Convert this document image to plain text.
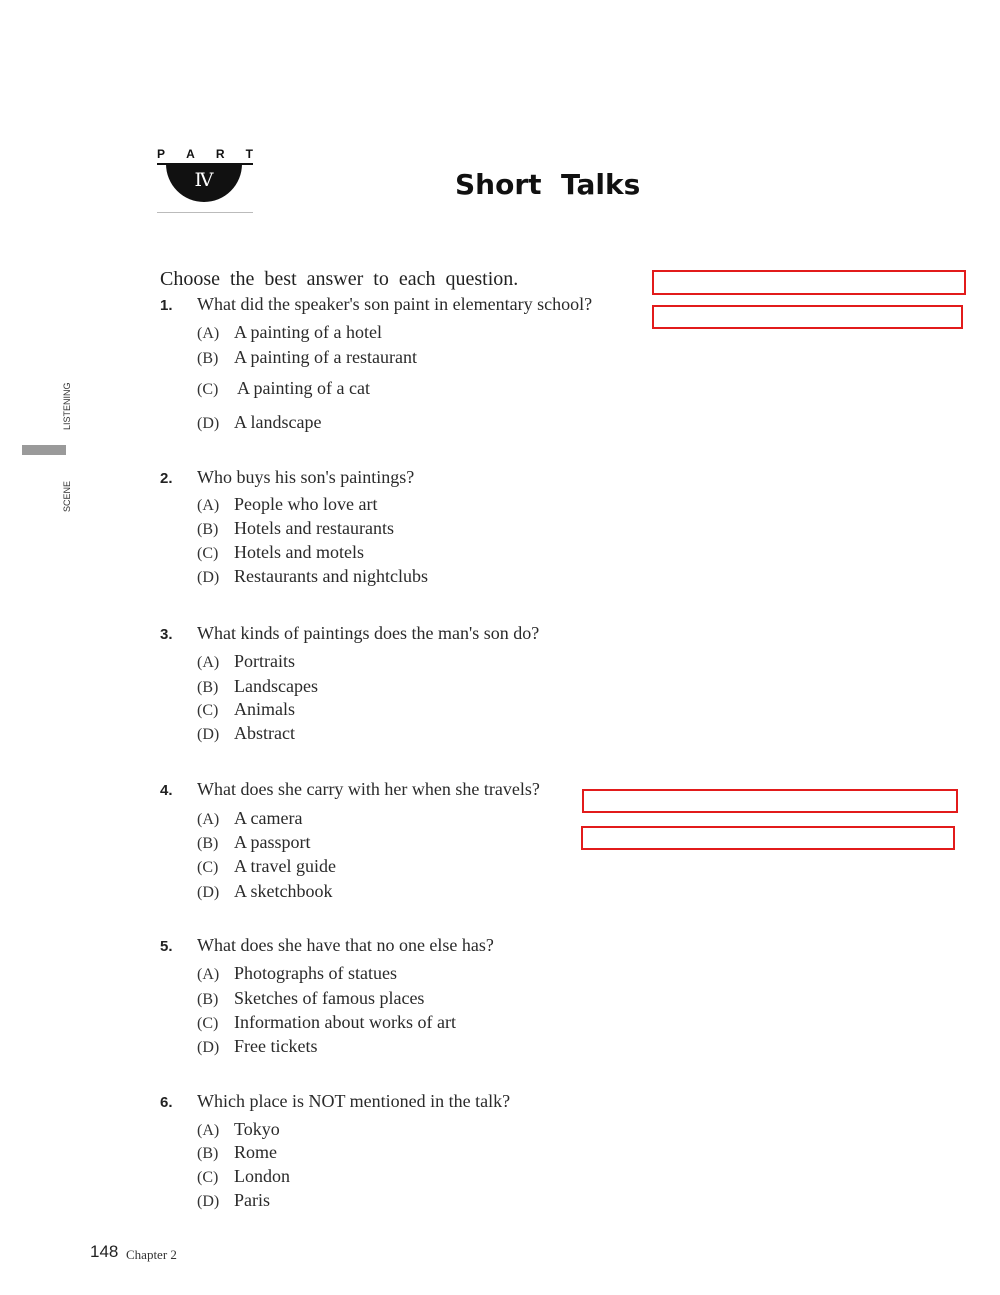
LISTENING
SCENE
P A R T
Ⅳ	Short  Talks
Choose  the  best  answer  to  each  question.
1. What did the speaker's son paint in elementary school?
(A) A painting of a hotel
(B) A painting of a restaurant
(C) A painting of a cat
(D) A landscape
2. Who buys his son's paintings?
(A) People who love art
(B) Hotels and restaurants
(C) Hotels and motels
(D) Restaurants and nightclubs
3. What kinds of paintings does the man's son do?
(A) Portraits
(B) Landscapes
(C) Animals
(D) Abstract
4. What does she carry with her when she travels?
(A) A camera
(B) A passport
(C) A travel guide
(D) A sketchbook
5. What does she have that no one else has?
(A) Photographs of statues
(B) Sketches of famous places
(C) Information about works of art
(D) Free tickets
6. Which place is NOT mentioned in the talk?
(A) Tokyo
(B) Rome
(C) London
(D) Paris
148 Chapter 2
